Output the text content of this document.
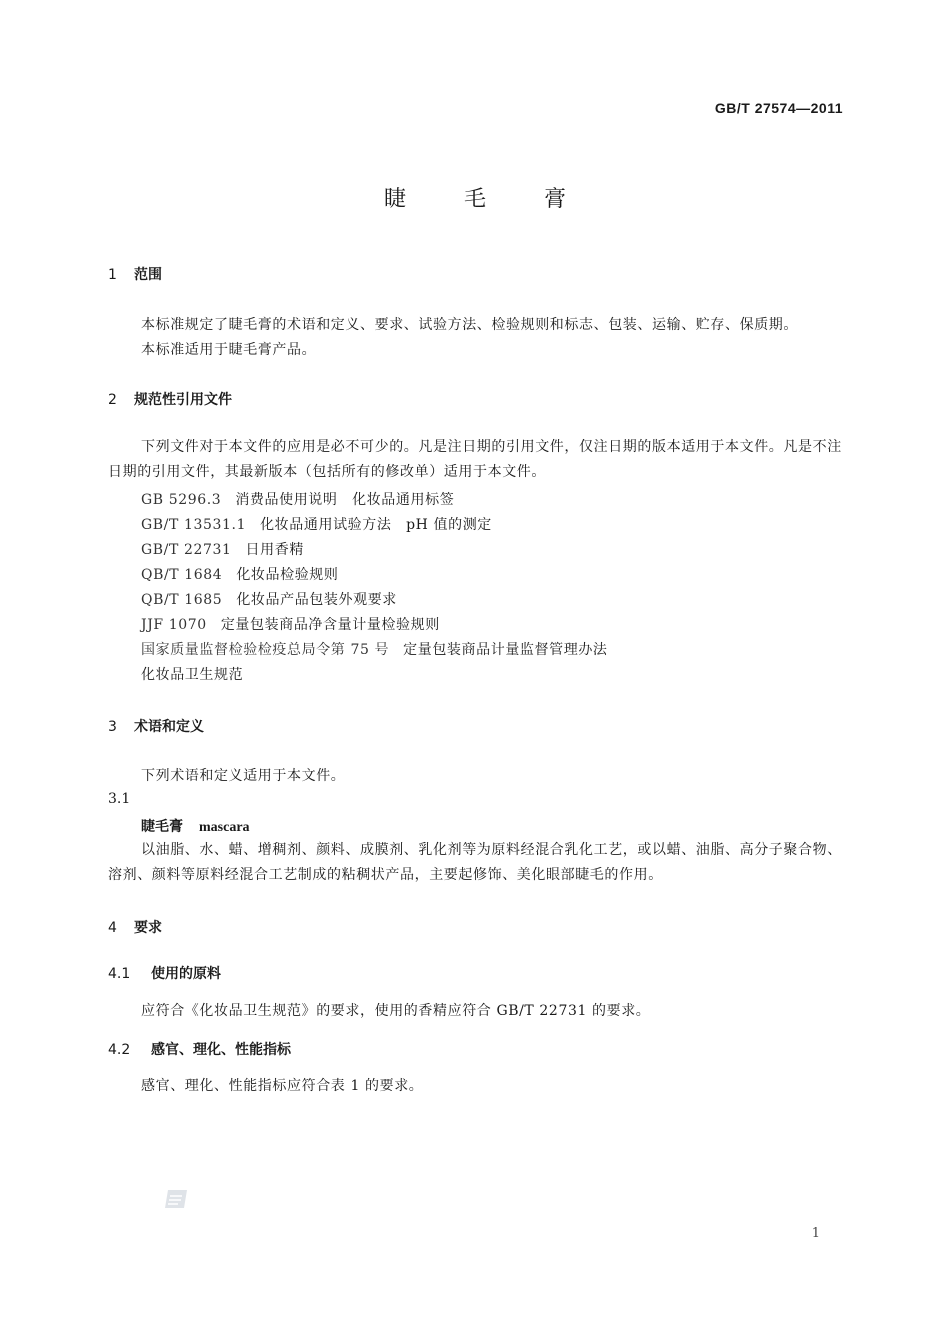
GB/T 27574—2011
睫	毛	膏
1 范围
本标准规定了睫毛膏的术语和定义、要求、试验方法、检验规则和标志、包装、运输、贮存、保质期。
本标准适用于睫毛膏产品。
2 规范性引用文件
下列文件对于本文件的应用是必不可少的。凡是注日期的引用文件，仅注日期的版本适用于本文件。凡是不注日期的引用文件，其最新版本（包括所有的修改单）适用于本文件。
GB 5296.3 消费品使用说明　化妆品通用标签
GB/T 13531.1 化妆品通用试验方法　pH 值的测定
GB/T 22731 日用香精
QB/T 1684 化妆品检验规则
QB/T 1685 化妆品产品包装外观要求
JJF 1070 定量包装商品净含量计量检验规则
国家质量监督检验检疫总局令第 75 号 定量包装商品计量监督管理办法
化妆品卫生规范
3 术语和定义
下列术语和定义适用于本文件。
3.1
睫毛膏 mascara
以油脂、水、蜡、增稠剂、颜料、成膜剂、乳化剂等为原料经混合乳化工艺，或以蜡、油脂、高分子聚合物、溶剂、颜料等原料经混合工艺制成的粘稠状产品，主要起修饰、美化眼部睫毛的作用。
4 要求
4.1 使用的原料
应符合《化妆品卫生规范》的要求，使用的香精应符合 GB/T 22731 的要求。
4.2 感官、理化、性能指标
感官、理化、性能指标应符合表 1 的要求。
1
